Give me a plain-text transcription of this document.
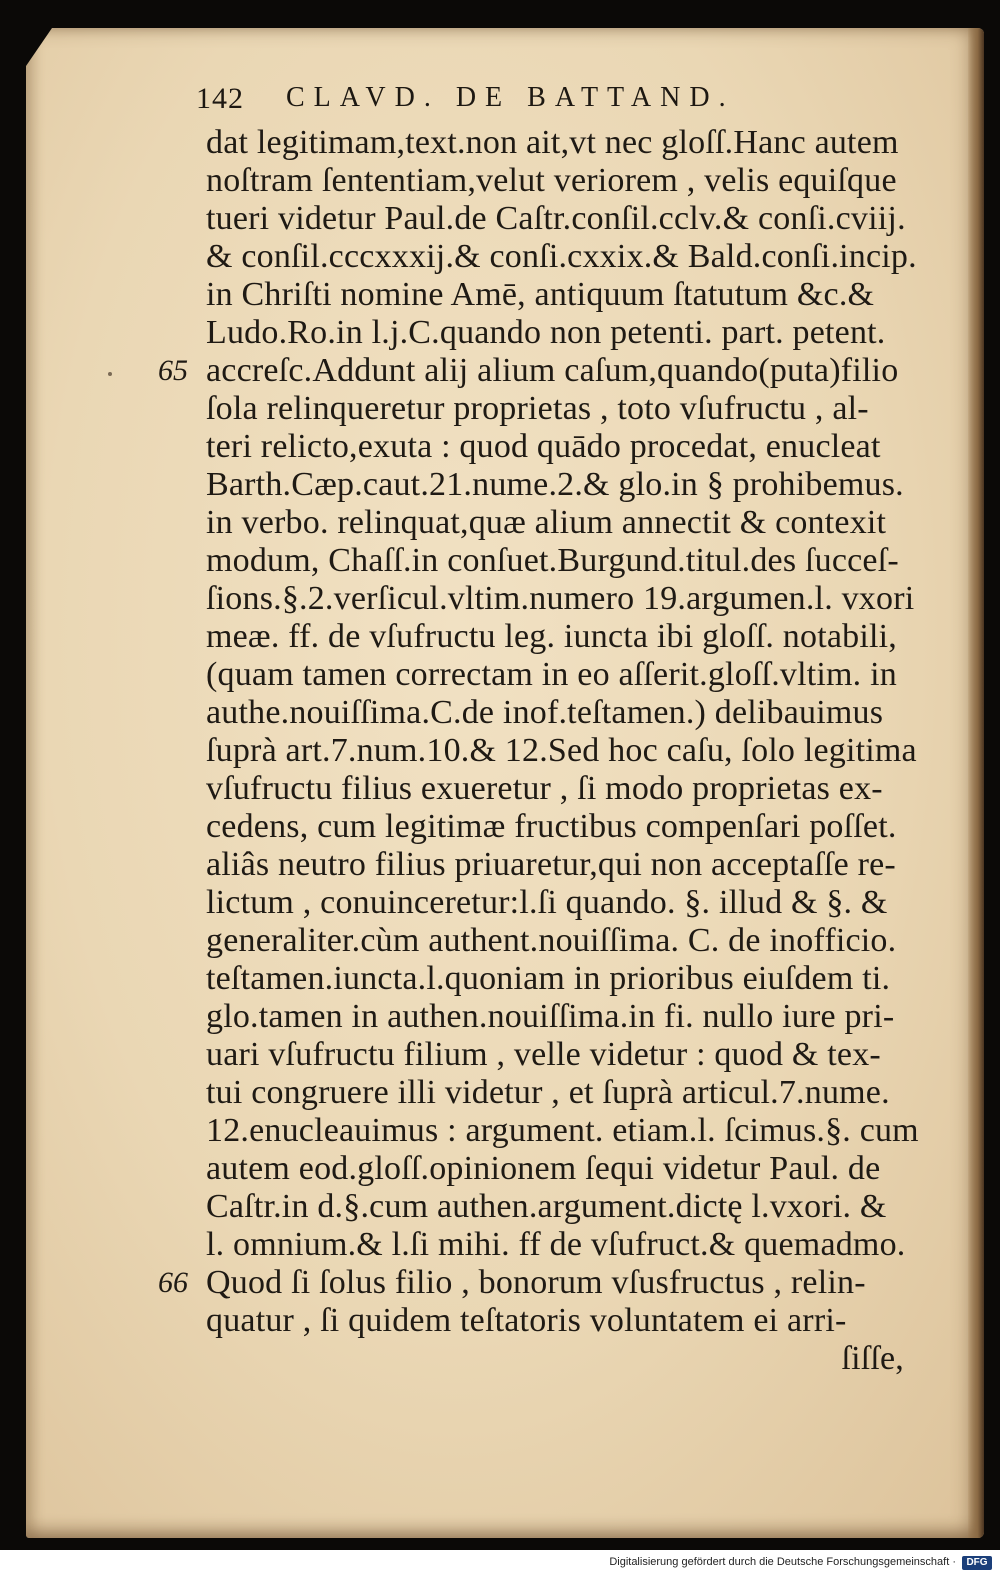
142 CLAVD. DE BATTAND.
dat legitimam,text.non ait,vt nec gloſſ.Hanc autem
noſtram ſententiam,velut veriorem , velis equiſque
tueri videtur Paul.de Caſtr.conſil.cclv.& conſi.cviij.
& conſil.cccxxxij.& conſi.cxxix.& Bald.conſi.incip.
in Chriſti nomine Amē, antiquum ſtatutum &c.&
Ludo.Ro.in l.j.C.quando non petenti. part. petent.
accreſc.Addunt alij alium caſum,quando(puta)filio
ſola relinqueretur proprietas , toto vſufructu , al-
teri relicto,exuta : quod quādo procedat, enucleat
Barth.Cæp.caut.21.nume.2.& glo.in § prohibemus.
in verbo. relinquat,quæ alium annectit & contexit
modum, Chaſſ.in conſuet.Burgund.titul.des ſucceſ-
ſions.§.2.verſicul.vltim.numero 19.argumen.l. vxori
meæ. ff. de vſufructu leg. iuncta ibi gloſſ. notabili,
(quam tamen correctam in eo aſſerit.gloſſ.vltim. in
authe.nouiſſima.C.de inof.teſtamen.) delibauimus
ſuprà art.7.num.10.& 12.Sed hoc caſu, ſolo legitima
vſufructu filius exueretur , ſi modo proprietas ex-
cedens, cum legitimæ fructibus compenſari poſſet.
aliâs neutro filius priuaretur,qui non acceptaſſe re-
lictum , conuinceretur:l.ſi quando. §. illud & §. &
generaliter.cùm authent.nouiſſima. C. de inofficio.
teſtamen.iuncta.l.quoniam in prioribus eiuſdem ti.
glo.tamen in authen.nouiſſima.in fi. nullo iure pri-
uari vſufructu filium , velle videtur : quod & tex-
tui congruere illi videtur , et ſuprà articul.7.nume.
12.enucleauimus : argument. etiam.l. ſcimus.§. cum
autem eod.gloſſ.opinionem ſequi videtur Paul. de
Caſtr.in d.§.cum authen.argument.dictę l.vxori. &
l. omnium.& l.ſi mihi. ff de vſufruct.& quemadmo.
Quod ſi ſolus filio , bonorum vſusfructus , relin-
quatur , ſi quidem teſtatoris voluntatem ei arri-
ſiſſe,
65
66
Digitalisierung gefördert durch die Deutsche Forschungsgemeinschaft ·	DFG
